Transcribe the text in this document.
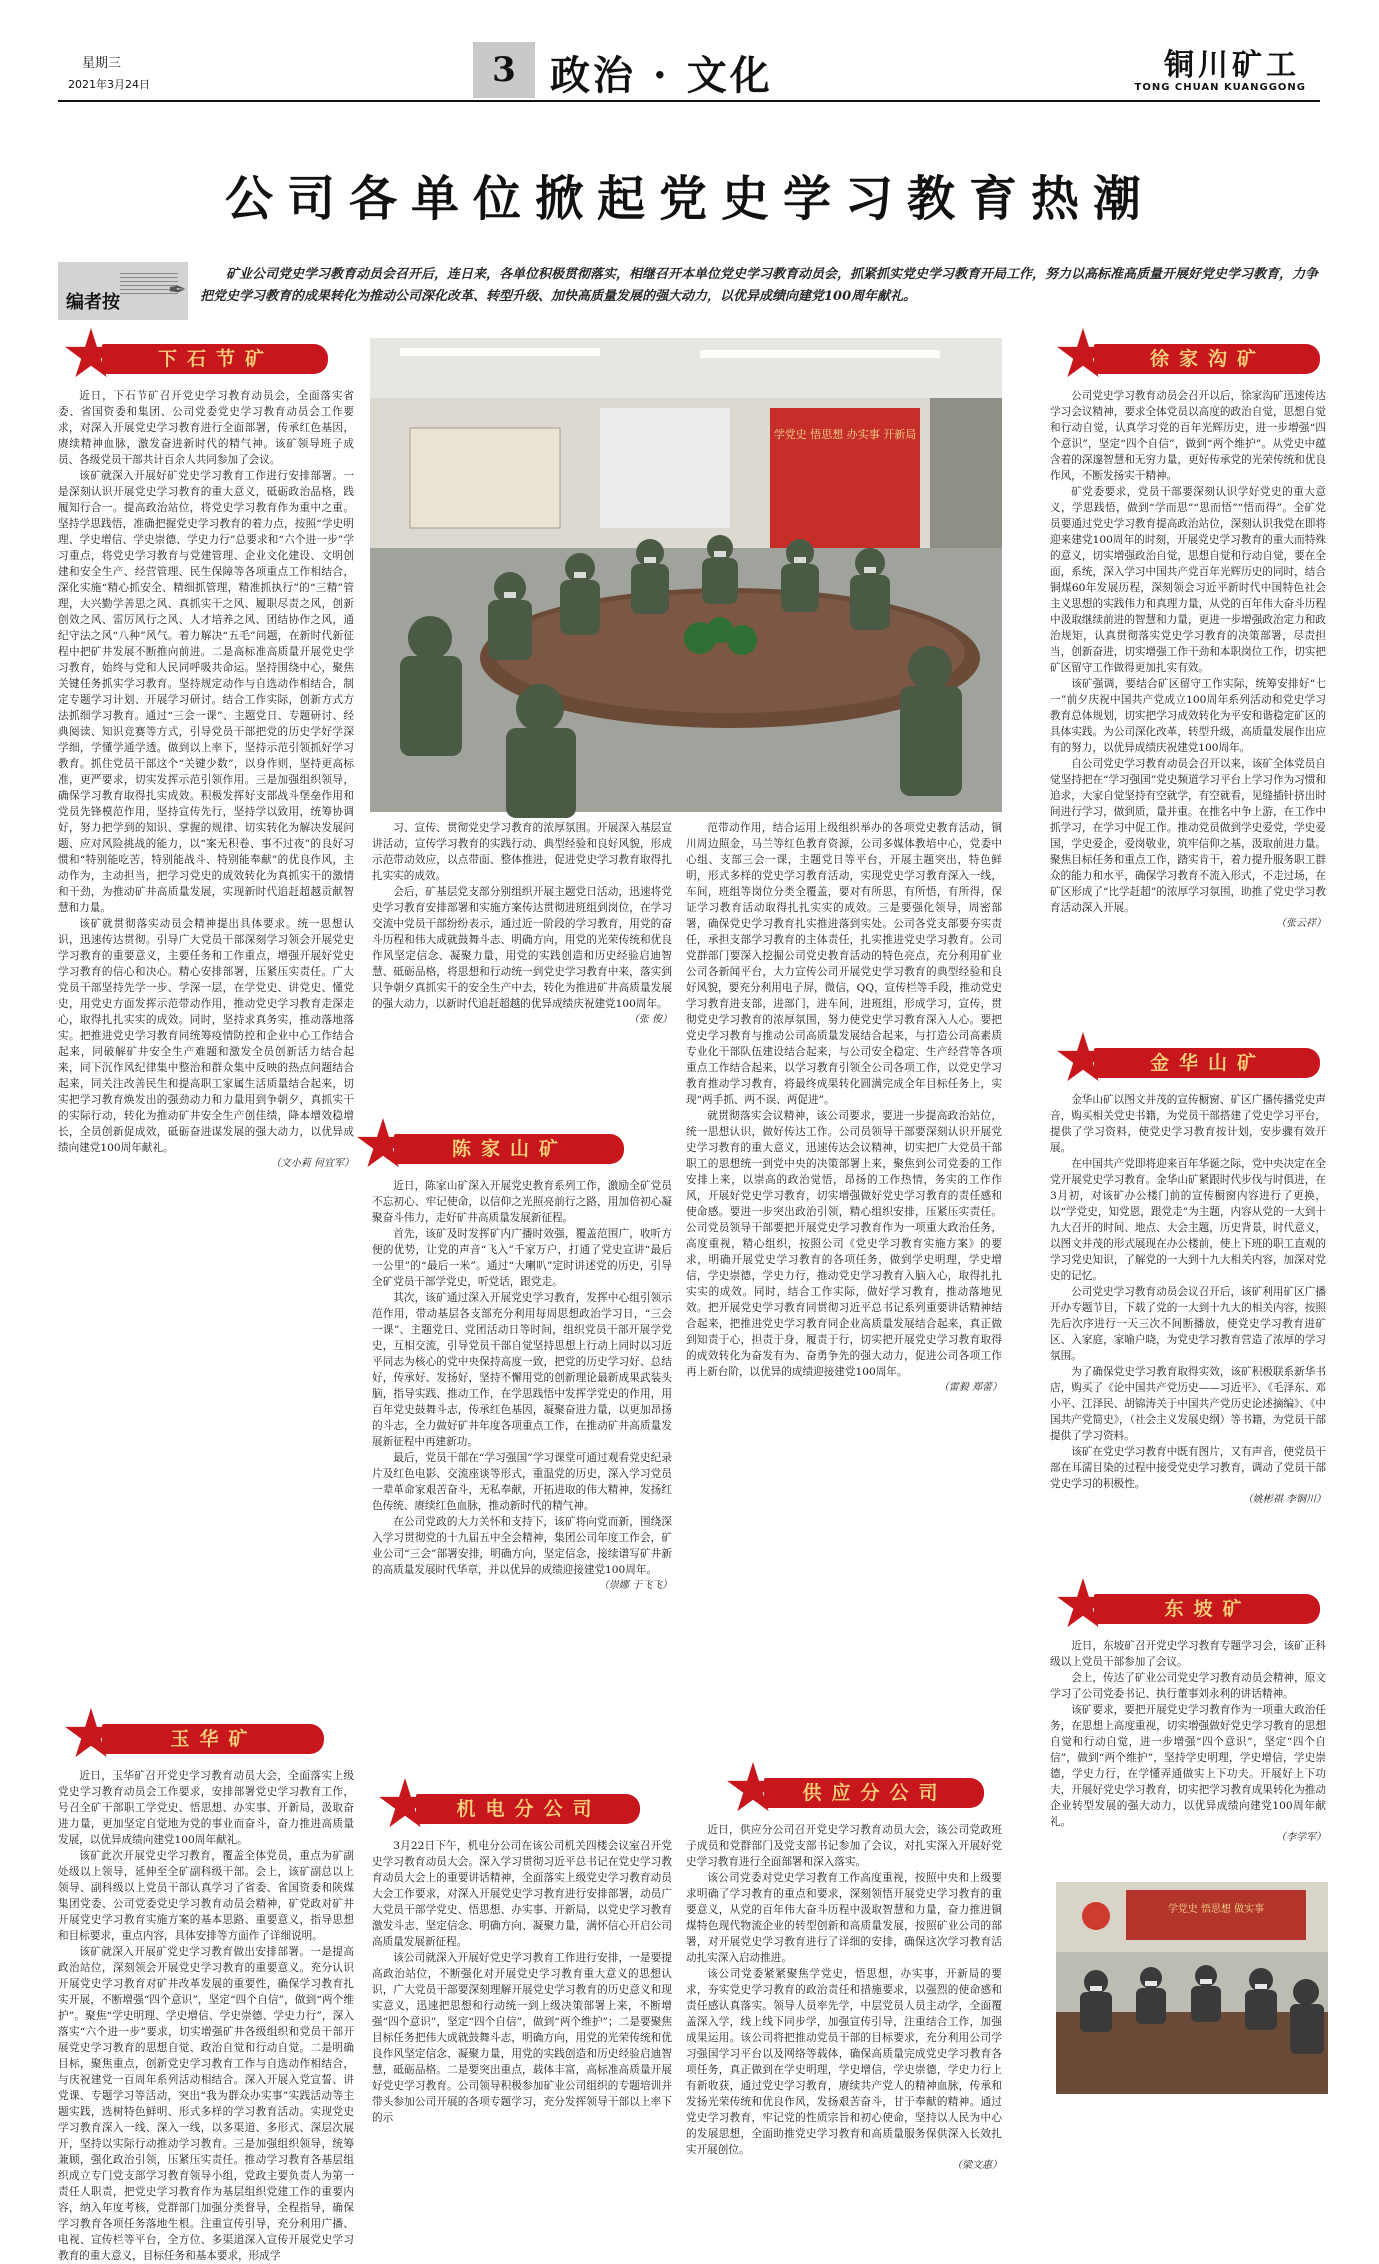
星期三
2021年3月24日	3 政治 · 文化	铜川矿工
TONG CHUAN KUANGGONG
公司各单位掀起党史学习教育热潮
编者按 ✒
矿业公司党史学习教育动员会召开后，连日来，各单位积极贯彻落实，相继召开本单位党史学习教育动员会，抓紧抓实党史学习教育开局工作，努力以高标准高质量开展好党史学习教育，力争把党史学习教育的成果转化为推动公司深化改革、转型升级、加快高质量发展的强大动力，以优异成绩向建党100周年献礼。
学党史 悟思想 办实事 开新局
下石节矿

近日，下石节矿召开党史学习教育动员会，全面落实省委、省国资委和集团、公司党委党史学习教育动员会工作要求，对深入开展党史学习教育进行全面部署，传承红色基因，赓续精神血脉，激发奋进新时代的精气神。该矿领导班子成员、各级党员干部共计百余人共同参加了会议。

该矿就深入开展好矿党史学习教育工作进行安排部署。一是深刻认识开展党史学习教育的重大意义，砥砺政治品格，践履知行合一。提高政治站位，将党史学习教育作为重中之重。坚持学思践悟，准确把握党史学习教育的着力点，按照“学史明理、学史增信、学史崇德、学史力行”总要求和“六个进一步”学习重点，将党史学习教育与党建管理、企业文化建设、文明创建和安全生产、经营管理、民生保障等各项重点工作相结合，深化实施“精心抓安全、精细抓管理，精准抓执行”的“三精”管理，大兴勤学善思之风、真抓实干之风、履职尽责之风，创新创效之风、雷厉风行之风、人才培养之风、团结协作之风，通纪守法之风“八种”风气。着力解决“五毛”问题，在新时代新征程中把矿井发展不断推向前进。二是高标准高质量开展党史学习教育，始终与党和人民同呼吸共命运。坚持围绕中心，聚焦关键任务抓实学习教育。坚持规定动作与自选动作相结合，制定专题学习计划、开展学习研讨。结合工作实际，创新方式方法抓细学习教育。通过“三会一课”、主题党日、专题研讨、经典阅读、知识竞赛等方式，引导党员干部把党的历史学好学深学细，学懂学通学透。做到以上率下，坚持示范引领抓好学习教育。抓住党员干部这个“关键少数”，以身作则，坚持更高标准，更严要求，切实发挥示范引领作用。三是加强组织领导，确保学习教育取得扎实成效。积极发挥好支部战斗堡垒作用和党员先锋模范作用，坚持宣传先行，坚持学以致用，统筹协调好，努力把学到的知识、掌握的规律、切实转化为解决发展问题、应对风险挑战的能力，以“案无积卷、事不过夜”的良好习惯和“特别能吃苦，特别能战斗、特别能奉献”的优良作风，主动作为，主动担当，把学习党史的成效转化为真抓实干的激情和干劲，为推动矿井高质量发展，实现新时代追赶超越贡献智慧和力量。

该矿就贯彻落实动员会精神提出具体要求。统一思想认识，迅速传达贯彻。引导广大党员干部深刻学习领会开展党史学习教育的重要意义，主要任务和工作重点，增强开展好党史学习教育的信心和决心。精心安排部署，压紧压实责任。广大党员干部坚持先学一步、学深一层，在学党史、讲党史、懂党史，用党史方面发挥示范带动作用，推动党史学习教育走深走心，取得扎扎实实的成效。同时，坚持求真务实，推动落地落实。把推进党史学习教育同统筹疫情防控和企业中心工作结合起来，同破解矿井安全生产难题和激发全员创新活力结合起来，同下沉作风纪律集中整治和群众集中反映的热点问题结合起来，同关注改善民生和提高职工家属生活质量结合起来，切实把学习教育焕发出的强劲动力和力量用到争朝夕，真抓实干的实际行动，转化为推动矿井安全生产创佳绩，降本增效稳增长，全员创新促成效，砥砺奋进谋发展的强大动力，以优异成绩向建党100周年献礼。

（文小莉 何宜军）

玉华矿

近日，玉华矿召开党史学习教育动员大会，全面落实上级党史学习教育动员会工作要求，安排部署党史学习教育工作，号召全矿干部职工学党史、悟思想、办实事、开新局，汲取奋进力量，更加坚定自觉地为党的事业而奋斗，奋力推进高质量发展，以优异成绩向建党100周年献礼。

该矿此次开展党史学习教育，覆盖全体党员，重点为矿副处级以上领导，延伸至全矿副科级干部。会上，该矿副总以上领导、副科级以上党员干部认真学习了省委、省国资委和陕煤集团党委、公司党委党史学习教育动员会精神，矿党政对矿井开展党史学习教育实施方案的基本思路、重要意义，指导思想和目标要求，重点内容，具体安排等方面作了详细说明。

该矿就深入开展矿党史学习教育做出安排部署。一是提高政治站位，深刻领会开展党史学习教育的重要意义。充分认识开展党史学习教育对矿井改革发展的重要性，确保学习教育扎实开展，不断增强“四个意识”，坚定“四个自信”，做到“两个维护”。聚焦“学史明理、学史增信、学史崇德、学史力行”，深入落实“六个进一步”要求，切实增强矿井各级组织和党员干部开展党史学习教育的思想自觉、政治自觉和行动自觉。二是明确目标，聚焦重点，创新党史学习教育工作与自选动作相结合，与庆祝建党一百周年系列活动相结合。深入开展入党宣誓、讲党课、专题学习等活动，突出“我为群众办实事”实践活动等主题实践，选树特色鲜明、形式多样的学习教育活动。实现党史学习教育深入一线、深入一线，以多渠道、多形式、深层次展开，坚持以实际行动推动学习教育。三是加强组织领导，统筹兼顾，强化政治引领，压紧压实责任。推动学习教育各基层组织成立专门党支部学习教育领导小组，党政主要负责人为第一责任人职责，把党史学习教育作为基层组织党建工作的重要内容，纳入年度考核，党群部门加强分类督导，全程指导，确保学习教育各项任务落地生根。注重宣传引导，充分利用广播、电视、宣传栏等平台，全方位、多渠道深入宣传开展党史学习教育的重大意义，目标任务和基本要求，形成学

习、宣传、贯彻党史学习教育的浓厚氛围。开展深入基层宣讲活动，宣传学习教育的实践行动、典型经验和良好风貌，形成示范带动效应，以点带面、整体推进，促进党史学习教育取得扎扎实实的成效。

会后，矿基层党支部分别组织开展主题党日活动，迅速将党史学习教育安排部署和实施方案传达贯彻进班组到岗位，在学习交流中党员干部纷纷表示，通过近一阶段的学习教育，用党的奋斗历程和伟大成就鼓舞斗志、明确方向，用党的光荣传统和优良作风坚定信念、凝聚力量，用党的实践创造和历史经验启迪智慧、砥砺品格，将思想和行动统一到党史学习教育中来，落实到只争朝夕真抓实干的安全生产中去，转化为推进矿井高质量发展的强大动力，以新时代追赶超越的优异成绩庆祝建党100周年。

（张 俊）

陈家山矿

近日，陈家山矿深入开展党史教育系列工作，激励全矿党员不忘初心、牢记使命，以信仰之光照亮前行之路，用加倍初心凝聚奋斗伟力，走好矿井高质量发展新征程。

首先，该矿及时发挥矿内广播时效强，覆盖范围广，收听方便的优势，让党的声音“飞入”千家万户，打通了党史宣讲“最后一公里”的“最后一米”。通过“大喇叭”定时讲述党的历史，引导全矿党员干部学党史，听党话，跟党走。

其次，该矿通过深入开展党史学习教育，发挥中心组引领示范作用，带动基层各支部充分利用每周思想政治学习日，“三会一课”、主题党日、党团活动日等时间，组织党员干部开展学党史，互相交流，引导党员干部自觉坚持思想上行动上同时以习近平同志为核心的党中央保持高度一致，把党的历史学习好、总结好，传承好、发扬好，坚持不懈用党的创新理论最新成果武装头脑，指导实践、推动工作，在学思践悟中发挥学党史的作用，用百年党史鼓舞斗志，传承红色基因，凝聚奋进力量，以更加昂扬的斗志，全力做好矿井年度各项重点工作，在推动矿井高质量发展新征程中再建新功。

最后，党员干部在“学习强国”学习课堂可通过观看党史纪录片及红色电影、交流座谈等形式，重温党的历史，深入学习党员一辈革命家艰苦奋斗，无私奉献，开拓进取的伟大精神，发扬红色传统、赓续红色血脉，推动新时代的精气神。

在公司党政的大力关怀和支持下，该矿将向党而新，围绕深入学习贯彻党的十九届五中全会精神，集团公司年度工作会，矿业公司“三会”部署安排，明确方向，坚定信念，接续谱写矿井新的高质量发展时代华章，并以优异的成绩迎接建党100周年。

（崇娜 于飞飞）

机电分公司

3月22日下午，机电分公司在该公司机关四楼会议室召开党史学习教育动员大会。深入学习贯彻习近平总书记在党史学习教育动员大会上的重要讲话精神，全面落实上级党史学习教育动员大会工作要求，对深入开展党史学习教育进行安排部署，动员广大党员干部学党史、悟思想、办实事、开新局，以党史学习教育激发斗志、坚定信念、明确方向、凝聚力量，满怀信心开启公司高质量发展新征程。

该公司就深入开展好党史学习教育工作进行安排，一是要提高政治站位，不断强化对开展党史学习教育重大意义的思想认识，广大党员干部要深刻理解开展党史学习教育的历史意义和现实意义，迅速把思想和行动统一到上级决策部署上来，不断增强“四个意识”，坚定“四个自信”，做到“两个维护”；二是要聚焦目标任务把伟大成就鼓舞斗志，明确方向，用党的光荣传统和优良作风坚定信念、凝聚力量，用党的实践创造和历史经验启迪智慧，砥砺品格。二是要突出重点，载体丰富，高标准高质量开展好党史学习教育。公司领导积极参加矿业公司组织的专题培训并带头参加公司开展的各项专题学习，充分发挥领导干部以上率下的示

范带动作用，结合运用上级组织举办的各项党史教育活动，铜川周边照金，马兰等红色教育资源，公司多媒体教培中心，党委中心组、支部三会一课，主题党日等平台，开展主题突出，特色鲜明，形式多样的党史学习教育活动，实现党史学习教育深入一线，车间，班组等岗位分类全覆盖，要对有所思，有所悟，有所得，保证学习教育活动取得扎扎实实的成效。三是要强化领导，周密部署，确保党史学习教育扎实推进落到实处。公司各党支部要夯实责任，承担支部学习教育的主体责任，扎实推进党史学习教育。公司党群部门要深入挖掘公司党史教育活动的特色亮点，充分利用矿业公司各新闻平台，大力宣传公司开展党史学习教育的典型经验和良好风貌，要充分利用电子屏，微信，QQ，宣传栏等手段，推动党史学习教育进支部，进部门，进车间，进班组，形成学习，宣传，贯彻党史学习教育的浓厚氛围，努力使党史学习教育深入人心。要把党史学习教育与推动公司高质量发展结合起来，与打造公司高素质专业化干部队伍建设结合起来，与公司安全稳定、生产经营等各项重点工作结合起来，以学习教育引领全公司各项工作，以党史学习教育推动学习教育，将最终成果转化圆满完成全年目标任务上，实现“两手抓、两不误、两促进”。

就贯彻落实会议精神，该公司要求，要进一步提高政治站位，统一思想认识，做好传达工作。公司员领导干部要深刻认识开展党史学习教育的重大意义，迅速传达会议精神，切实把广大党员干部职工的思想统一到党中央的决策部署上来，聚焦到公司党委的工作安排上来，以崇高的政治觉悟，昂扬的工作热情，务实的工作作风，开展好党史学习教育，切实增强做好党史学习教育的责任感和使命感。要进一步突出政治引领，精心组织安排，压紧压实责任。公司党员领导干部要把开展党史学习教育作为一项重大政治任务，高度重视，精心组织，按照公司《党史学习教育实施方案》的要求，明确开展党史学习教育的各项任务，做到学史明理，学史增信，学史崇德，学史力行，推动党史学习教育入脑入心，取得扎扎实实的成效。同时，结合工作实际，做好学习教育，推动落地见效。把开展党史学习教育同贯彻习近平总书记系列重要讲话精神结合起来，把推进党史学习教育同企业高质量发展结合起来，真正做到知责于心，担责于身，履责于行，切实把开展党史学习教育取得的成效转化为奋发有为、奋勇争先的强大动力，促进公司各项工作再上新台阶，以优异的成绩迎接建党100周年。

（雷毅 郑蕾）

供应分公司

近日，供应分公司召开党史学习教育动员大会，该公司党政班子成员和党群部门及党支部书记参加了会议，对扎实深入开展好党史学习教育进行全面部署和深入落实。

该公司党委对党史学习教育工作高度重视，按照中央和上级要求明确了学习教育的重点和要求，深刻领悟开展党史学习教育的重要意义，从党的百年伟大奋斗历程中汲取智慧和力量，奋力推进铜煤特色现代物流企业的转型创新和高质量发展，按照矿业公司的部署，对开展党史学习教育进行了详细的安排，确保这次学习教育活动扎实深入启动推进。

该公司党委紧紧聚焦学党史，悟思想，办实事，开新局的要求，夯实党史学习教育的政治责任和措施要求，以强烈的使命感和责任感认真落实。领导人员率先学，中层党员人员主动学，全面覆盖深入学，线上线下同步学，加强宣传引导，注重结合工作，加强成果运用。该公司将把推动党员干部的目标要求，充分利用公司学习强国学习平台以及网络等载体，确保高质量完成党史学习教育各项任务，真正做到在学史明理，学史增信，学史崇德，学史力行上有新收获，通过党史学习教育，赓续共产党人的精神血脉，传承和发扬光荣传统和优良作风，发扬艰苦奋斗，甘于奉献的精神。通过党史学习教育，牢记党的性质宗旨和初心使命，坚持以人民为中心的发展思想，全面助推党史学习教育和高质量服务保供深入长效扎实开展创位。

（梁文惠）

徐家沟矿

公司党史学习教育动员会召开以后，徐家沟矿迅速传达学习会议精神，要求全体党员以高度的政治自觉，思想自觉和行动自觉，认真学习党的百年光辉历史，进一步增强“四个意识”，坚定“四个自信”，做到“两个维护”。从党史中蕴含着的深邃智慧和无穷力量，更好传承党的光荣传统和优良作风，不断发扬实干精神。

矿党委要求，党员干部要深刻认识学好党史的重大意义，学思践悟，做到“学而思”“思而悟”“悟而得”。全矿党员要通过党史学习教育提高政治站位，深刻认识我党在即将迎来建党100周年的时刻，开展党史学习教育的重大而特殊的意义，切实增强政治自觉，思想自觉和行动自觉，要在全面，系统，深入学习中国共产党百年光辉历史的同时，结合铜煤60年发展历程，深刻领会习近平新时代中国特色社会主义思想的实践伟力和真理力量，从党的百年伟大奋斗历程中汲取继续前进的智慧和力量，更进一步增强政治定力和政治规矩，认真贯彻落实党史学习教育的决策部署，尽责担当，创新奋进，切实增强工作干劲和本职岗位工作，切实把矿区留守工作做得更加扎实有效。

该矿强调，要结合矿区留守工作实际，统筹安排好“七一”前夕庆祝中国共产党成立100周年系列活动和党史学习教育总体规划，切实把学习成效转化为平安和谐稳定矿区的具体实践。为公司深化改革，转型升级，高质量发展作出应有的努力，以优异成绩庆祝建党100周年。

自公司党史学习教育动员会召开以来，该矿全体党员自觉坚持把在“学习强国”党史频道学习平台上学习作为习惯和追求，大家自觉坚持有空就学，有空就看，见缝插针挤出时间进行学习，做到质，量并重。在推名中争上游，在工作中抓学习，在学习中促工作。推动党员做到学史爱党，学史爱国，学史爱企，爱岗敬业，筑牢信仰之基，汲取前进力量。聚焦目标任务和重点工作，踏实肯干，着力提升服务职工群众的能力和水平，确保学习教育不流入形式，不走过场，在矿区形成了“比学赶超”的浓厚学习氛围，助推了党史学习教育活动深入开展。

（张云祥）

金华山矿

金华山矿以图文并茂的宣传橱窗、矿区广播传播党史声音，购买相关党史书籍，为党员干部搭建了党史学习平台，提供了学习资料，使党史学习教育按计划，安步骤有效开展。

在中国共产党即将迎来百年华诞之际，党中央决定在全党开展党史学习教育。金华山矿紧跟时代步伐与时俱进，在3月初，对该矿办公楼门前的宣传橱窗内容进行了更换，以“学党史，知党恩，跟党走”为主题，内容从党的一大到十九大召开的时间、地点、大会主题，历史背景，时代意义，以图文并茂的形式展现在办公楼前，使上下班的职工直观的学习党史知识，了解党的一大到十九大相关内容，加深对党史的记忆。

公司党史学习教育动员会议召开后，该矿利用矿区广播开办专题节目，下载了党的一大到十九大的相关内容，按照先后次序进行一天三次不间断播放，使党史学习教育进矿区、入家庭，家喻户晓，为党史学习教育营造了浓厚的学习氛围。

为了确保党史学习教育取得实效，该矿积极联系新华书店，购买了《论中国共产党历史——习近平》、《毛泽东、邓小平、江泽民、胡锦涛关于中国共产党历史论述摘编》、《中国共产党简史》，（社会主义发展史纲）等书籍，为党员干部提供了学习资料。

该矿在党史学习教育中既有图片，又有声音，使党员干部在耳濡目染的过程中接受党史学习教育，调动了党员干部党史学习的积极性。

（姚彬祺 李铜川）

东坡矿

近日，东坡矿召开党史学习教育专题学习会，该矿正科级以上党员干部参加了会议。

会上，传达了矿业公司党史学习教育动员会精神，原文学习了公司党委书记、执行董事刘永利的讲话精神。

该矿要求，要把开展党史学习教育作为一项重大政治任务，在思想上高度重视，切实增强做好党史学习教育的思想自觉和行动自觉，进一步增强“四个意识”，坚定“四个自信”，做到“两个维护”，坚持学史明理，学史增信，学史崇德，学史力行，在学懂弄通做实上下功夫。开展好上下功夫，开展好党史学习教育，切实把学习教育成果转化为推动企业转型发展的强大动力，以优异成绩向建党100周年献礼。

（李学军）

学党史 悟思想 做实事
